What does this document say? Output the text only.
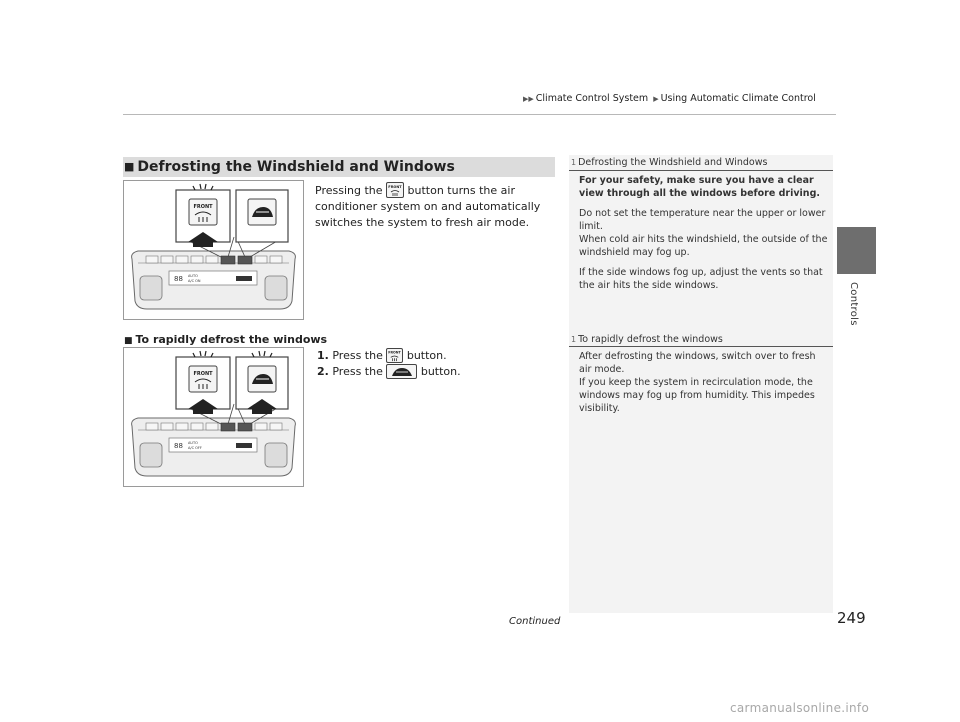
▶▶ Climate Control System ▶ Using Automatic Climate Control
Controls
■ Defrosting the Windshield and Windows
88 AUTO
A/C ON
FRONT
Pressing the FRONT button turns the air conditioner system on and automatically switches the system to fresh air mode.
■ To rapidly defrost the windows
88 AUTO
A/C OFF
FRONT
1. Press the FRONT button.
2. Press the	button.
1 Defrosting the Windshield and Windows

For your safety, make sure you have a clear view through all the windows before driving.

Do not set the temperature near the upper or lower limit.

When cold air hits the windshield, the outside of the windshield may fog up.

If the side windows fog up, adjust the vents so that the air hits the side windows.

1 To rapidly defrost the windows

After defrosting the windows, switch over to fresh air mode.

If you keep the system in recirculation mode, the windows may fog up from humidity. This impedes visibility.

Continued	249
carmanualsonline.info
